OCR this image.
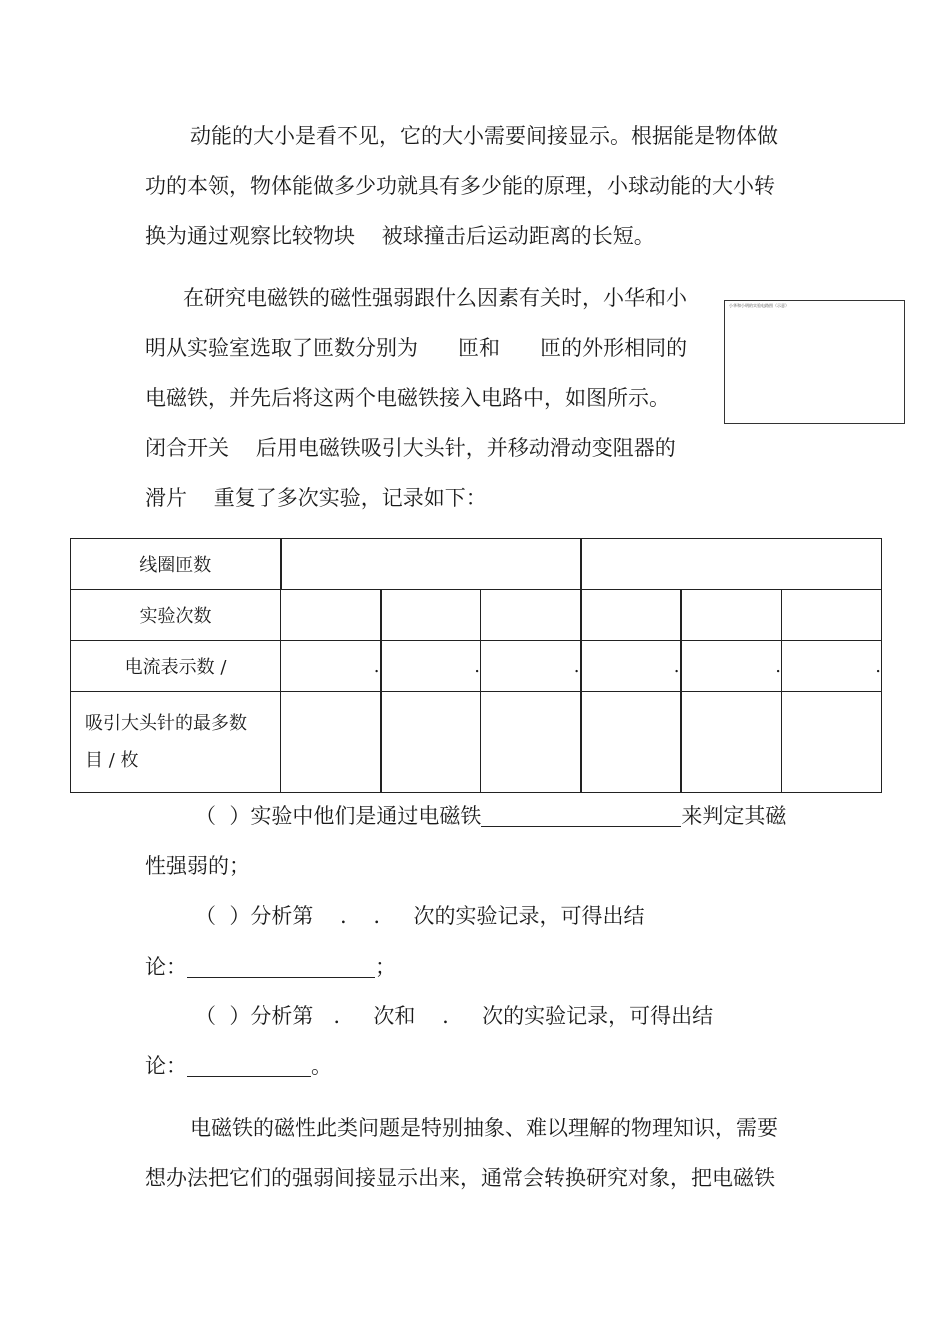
动能的大小是看不见，它的大小需要间接显示。根据能是物体做
功的本领，物体能做多少功就具有多少能的原理，小球动能的大小转
换为通过观察比较物块    被球撞击后运动距离的长短。
在研究电磁铁的磁性强弱跟什么因素有关时，小华和小
明从实验室选取了匝数分别为      匝和      匝的外形相同的
电磁铁，并先后将这两个电磁铁接入电路中，如图所示。
闭合开关    后用电磁铁吸引大头针，并移动滑动变阻器的
滑片    重复了多次实验，记录如下：
小华和小明的实验电路图（示意）
线圈匝数						
实验次数						
电流表示数 /	.	.	.	.	.	.
吸引大头针的最多数
目 / 枚						
（  ）实验中他们是通过电磁铁	来判定其磁
性强弱的；
（  ）分析第    .    .     次的实验记录，可得出结
论：	；
（  ）分析第   .     次和    .     次的实验记录，可得出结
论：	。
电磁铁的磁性此类问题是特别抽象、难以理解的物理知识，需要
想办法把它们的强弱间接显示出来，通常会转换研究对象，把电磁铁
